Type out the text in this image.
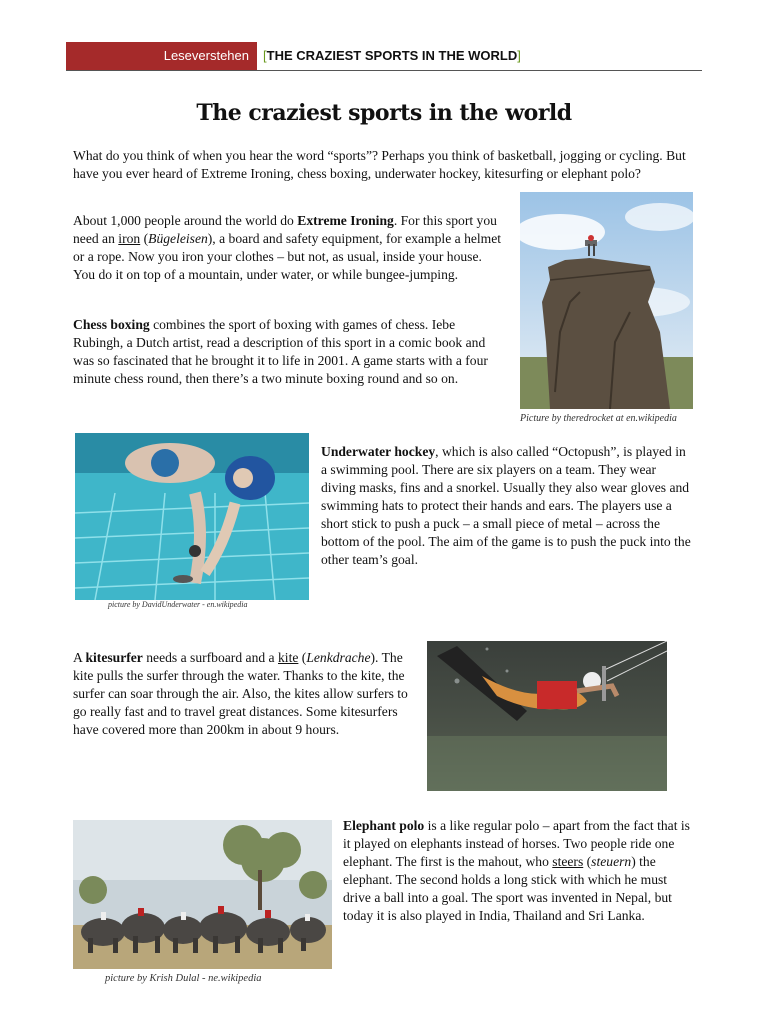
Leseverstehen	[THE CRAZIEST SPORTS IN THE WORLD]
The craziest sports in the world

What do you think of when you hear the word “sports”? Perhaps you think of basketball, jogging or cycling. But have you ever heard of Extreme Ironing, chess boxing, underwater hockey, kitesurfing or elephant polo?

About 1,000 people around the world do Extreme Ironing. For this sport you need an iron (Bügeleisen), a board and safety equipment, for example a helmet or a rope. Now you iron your clothes – but not, as usual, inside your house. You do it on top of a mountain, under water, or while bungee-jumping.

Chess boxing combines the sport of boxing with games of chess. Iebe Rubingh, a Dutch artist, read a description of this sport in a comic book and was so fascinated that he brought it to life in 2001. A game starts with a four minute chess round, then there’s a two minute boxing round and so on.

Picture by theredrocket at en.wikipedia
picture by DavidUnderwater - en.wikipedia

Underwater hockey, which is also called “Octopush”, is played in a swimming pool. There are six players on a team. They wear diving masks, fins and a snorkel. Usually they also wear gloves and swimming hats to protect their hands and ears. The players use a short stick to push a puck – a small piece of metal – across the bottom of the pool. The aim of the game is to push the puck into the other team’s goal.

A kitesurfer needs a surfboard and a kite (Lenkdrache). The kite pulls the surfer through the water. Thanks to the kite, the surfer can soar through the air. Also, the kites allow surfers to go really fast and to travel great distances. Some kitesurfers have covered more than 200km in about 9 hours.

picture by Krish Dulal - ne.wikipedia

Elephant polo is a like regular polo – apart from the fact that is it played on elephants instead of horses. Two people ride one elephant. The first is the mahout, who steers (steuern) the elephant. The second holds a long stick with which he must drive a ball into a goal. The sport was invented in Nepal, but today it is also played in India, Thailand and Sri Lanka.
